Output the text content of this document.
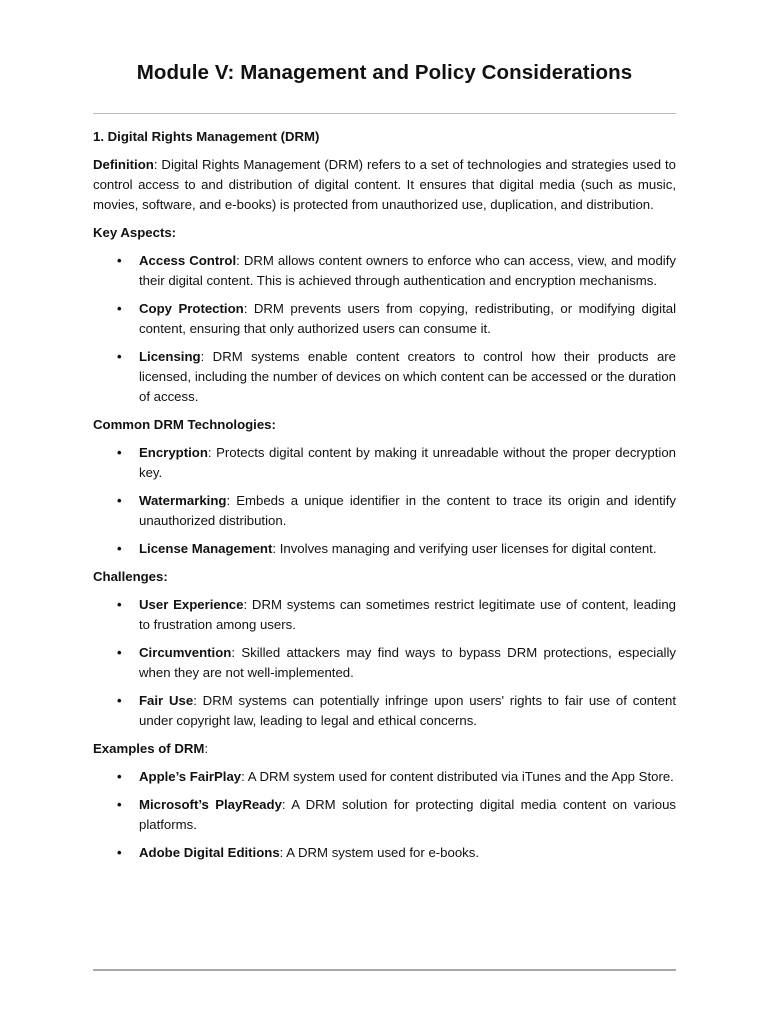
Module V: Management and Policy Considerations

1. Digital Rights Management (DRM)

Definition: Digital Rights Management (DRM) refers to a set of technologies and strategies used to control access to and distribution of digital content. It ensures that digital media (such as music, movies, software, and e-books) is protected from unauthorized use, duplication, and distribution.

Key Aspects:

• Access Control: DRM allows content owners to enforce who can access, view, and modify their digital content. This is achieved through authentication and encryption mechanisms.
• Copy Protection: DRM prevents users from copying, redistributing, or modifying digital content, ensuring that only authorized users can consume it.
• Licensing: DRM systems enable content creators to control how their products are licensed, including the number of devices on which content can be accessed or the duration of access.

Common DRM Technologies:

• Encryption: Protects digital content by making it unreadable without the proper decryption key.
• Watermarking: Embeds a unique identifier in the content to trace its origin and identify unauthorized distribution.
• License Management: Involves managing and verifying user licenses for digital content.

Challenges:

• User Experience: DRM systems can sometimes restrict legitimate use of content, leading to frustration among users.
• Circumvention: Skilled attackers may find ways to bypass DRM protections, especially when they are not well-implemented.
• Fair Use: DRM systems can potentially infringe upon users' rights to fair use of content under copyright law, leading to legal and ethical concerns.

Examples of DRM:

• Apple’s FairPlay: A DRM system used for content distributed via iTunes and the App Store.
• Microsoft’s PlayReady: A DRM solution for protecting digital media content on various platforms.
• Adobe Digital Editions: A DRM system used for e-books.
